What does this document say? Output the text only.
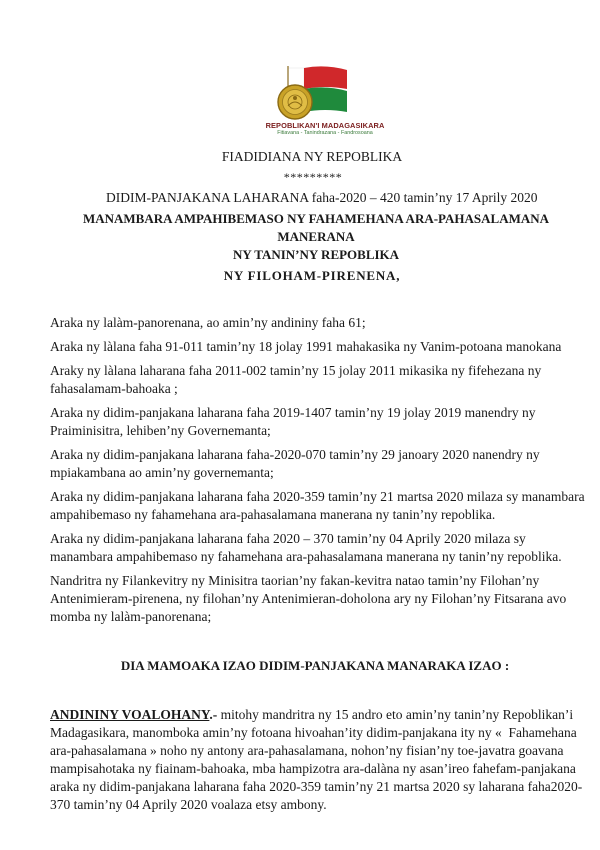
REPOBLIKAN'I MADAGASIKARA
Fitiavana - Tanindrazana - Fandrosoana
FIADIDIANA NY REPOBLIKA
*********
DIDIM-PANJAKANA LAHARANA faha-2020 – 420 tamin’ny 17 Aprily 2020
MANAMBARA AMPAHIBEMASO NY FAHAMEHANA ARA-PAHASALAMANA MANERANA
NY TANIN’NY REPOBLIKA
NY FILOHAM-PIRENENA,

Araka ny lalàm-panorenana, ao amin’ny andininy faha 61;

Araka ny làlana faha 91-011 tamin’ny 18 jolay 1991 mahakasika ny Vanim-potoana manokana

Araky ny làlana laharana faha 2011-002 tamin’ny 15 jolay 2011 mikasika ny fifehezana ny fahasalamam-bahoaka ;

Araka ny didim-panjakana laharana faha 2019-1407 tamin’ny 19 jolay 2019 manendry ny Praiminisitra, lehiben’ny Governemanta;

Araka ny didim-panjakana laharana faha-2020-070 tamin’ny 29 janoary 2020 nanendry ny mpiakambana ao amin’ny governemanta;

Araka ny didim-panjakana laharana faha 2020-359 tamin’ny 21 martsa 2020 milaza sy manambara ampahibemaso ny fahamehana ara-pahasalamana manerana ny tanin’ny repoblika.

Araka ny didim-panjakana laharana faha 2020 – 370 tamin’ny 04 Aprily 2020 milaza sy manambara ampahibemaso ny fahamehana ara-pahasalamana manerana ny tanin’ny repoblika.

Nandritra ny Filankevitry ny Minisitra taorian’ny fakan-kevitra natao tamin’ny Filohan’ny Antenimieram-pirenena, ny filohan’ny Antenimieran-doholona ary ny Filohan’ny Fitsarana avo momba ny lalàm-panorenana;

DIA MAMOAKA IZAO DIDIM-PANJAKANA MANARAKA IZAO :

ANDININY VOALOHANY.- mitohy mandritra ny 15 andro eto amin’ny tanin’ny Repoblikan’i Madagasikara, manomboka amin’ny fotoana hivoahan’ity didim-panjakana ity ny «  Fahamehana ara-pahasalamana » noho ny antony ara-pahasalamana, nohon’ny fisian’ny toe-javatra goavana mampisahotaka ny fiainam-bahoaka, mba hampizotra ara-dalàna ny asan’ireo fahefam-panjakana araka ny didim-panjakana laharana faha 2020-359 tamin’ny 21 martsa 2020 sy laharana faha2020-370 tamin’ny 04 Aprily 2020 voalaza etsy ambony.
